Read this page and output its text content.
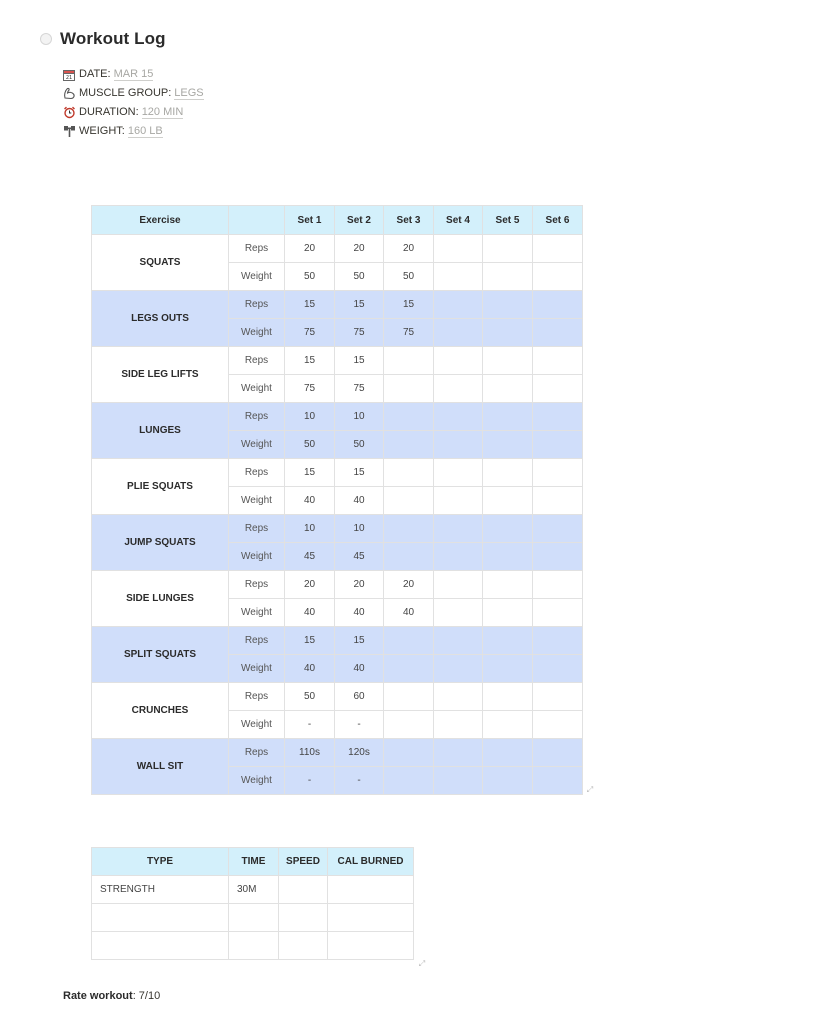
Workout Log
21 DATE: MAR 15
MUSCLE GROUP: LEGS
DURATION: 120 MIN
WEIGHT: 160 LB
Exercise		Set 1	Set 2	Set 3	Set 4	Set 5	Set 6
SQUATS	Reps	20	20	20			
	Weight	50	50	50			
LEGS OUTS	Reps	15	15	15			
	Weight	75	75	75			
SIDE LEG LIFTS	Reps	15	15				
	Weight	75	75				
LUNGES	Reps	10	10				
	Weight	50	50				
PLIE SQUATS	Reps	15	15				
	Weight	40	40				
JUMP SQUATS	Reps	10	10				
	Weight	45	45				
SIDE LUNGES	Reps	20	20	20			
	Weight	40	40	40			
SPLIT SQUATS	Reps	15	15				
	Weight	40	40				
CRUNCHES	Reps	50	60				
	Weight	-	-				
WALL SIT	Reps	110s	120s				
	Weight	-	-				
⤢
TYPE	TIME	SPEED	CAL BURNED
STRENGTH	30M		

⤢
Rate workout: 7/10
